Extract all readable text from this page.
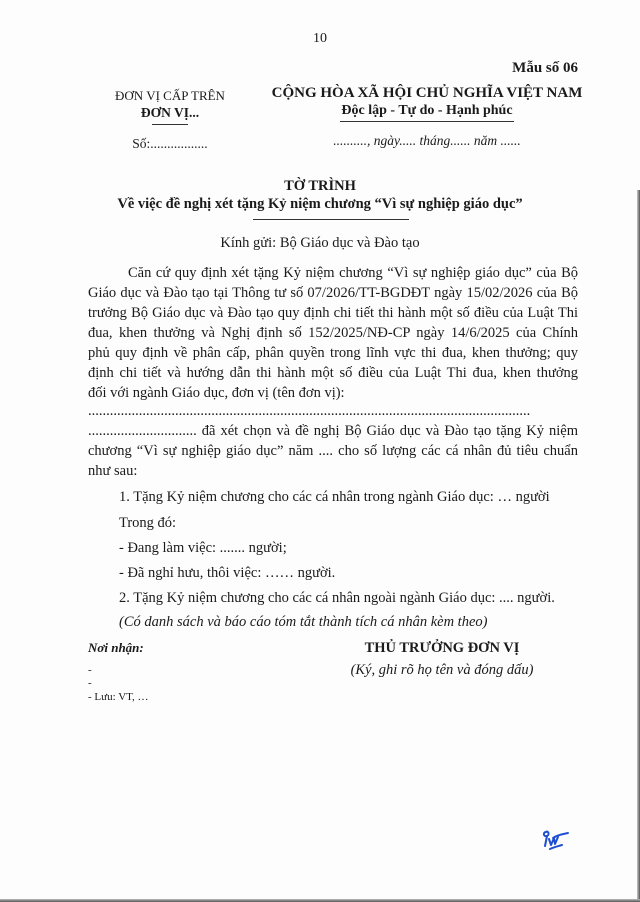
10
Mẫu số 06
ĐƠN VỊ CẤP TRÊN
ĐƠN VỊ...
Số:.................
CỘNG HÒA XÃ HỘI CHỦ NGHĨA VIỆT NAM
Độc lập - Tự do - Hạnh phúc
.........., ngày..... tháng...... năm ......
TỜ TRÌNH
Về việc đề nghị xét tặng Kỷ niệm chương “Vì sự nghiệp giáo dục”
Kính gửi: Bộ Giáo dục và Đào tạo
Căn cứ quy định xét tặng Kỷ niệm chương “Vì sự nghiệp giáo dục” của Bộ
Giáo dục và Đào tạo tại Thông tư số 07/2026/TT-BGDĐT ngày 15/02/2026 của Bộ
trưởng Bộ Giáo dục và Đào tạo quy định chi tiết thi hành một số điều của Luật Thi
đua, khen thưởng và Nghị định số 152/2025/NĐ-CP ngày 14/6/2025 của Chính
phủ quy định về phân cấp, phân quyền trong lĩnh vực thi đua, khen thưởng; quy
định chi tiết và hướng dẫn thi hành một số điều của Luật Thi đua, khen thưởng
đối với ngành Giáo dục, đơn vị (tên đơn vị):
..........................................................................................................................
.............................. đã xét chọn và đề nghị Bộ Giáo dục và Đào tạo tặng Kỷ niệm
chương “Vì sự nghiệp giáo dục” năm .... cho số lượng các cá nhân đủ tiêu chuẩn
như sau:
1. Tặng Kỷ niệm chương cho các cá nhân trong ngành Giáo dục: … người
Trong đó:
- Đang làm việc: ....... người;
- Đã nghỉ hưu, thôi việc: …… người.
2. Tặng Kỷ niệm chương cho các cá nhân ngoài ngành Giáo dục: .... người.
(Có danh sách và báo cáo tóm tắt thành tích cá nhân kèm theo)
Nơi nhận:
-
-
- Lưu: VT, …
THỦ TRƯỞNG ĐƠN VỊ
(Ký, ghi rõ họ tên và đóng dấu)
